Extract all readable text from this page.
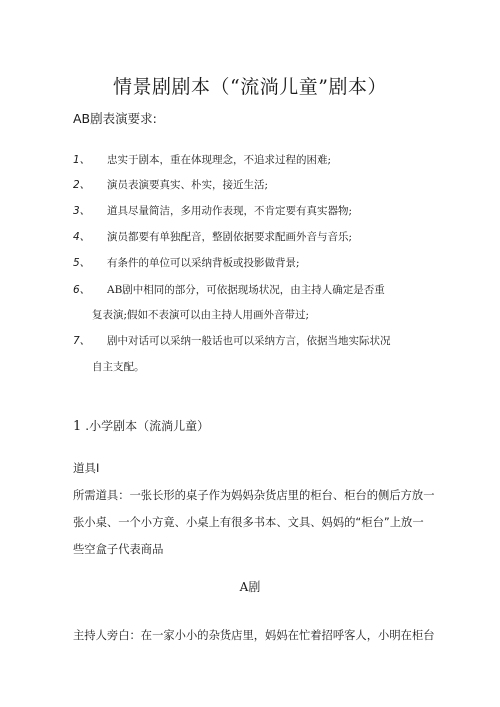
情景剧剧本（“流淌儿童”剧本）
AB剧表演要求:
1、 忠实于剧本，重在体现理念，不追求过程的困难;
2、 演员表演要真实、朴实，接近生活;
3、 道具尽量简洁，多用动作表现，不肯定要有真实器物;
4、 演员都要有单独配音，整剧依据要求配画外音与音乐;
5、 有条件的单位可以采纳背板或投影做背景;
6、 AB剧中相同的部分，可依据现场状况，由主持人确定是否重
复表演;假如不表演可以由主持人用画外音带过;
7、 剧中对话可以采纳一般话也可以采纳方言，依据当地实际状况
自主支配。
1 .小学剧本（流淌儿童）
道具I
所需道具：一张长形的桌子作为妈妈杂货店里的柜台、柜台的侧后方放一
张小桌、一个小方竟、小桌上有很多书本、文具、妈妈的“柜台”上放一
些空盒子代表商品
A剧
主持人旁白：在一家小小的杂货店里，妈妈在忙着招呼客人，小明在柜台
